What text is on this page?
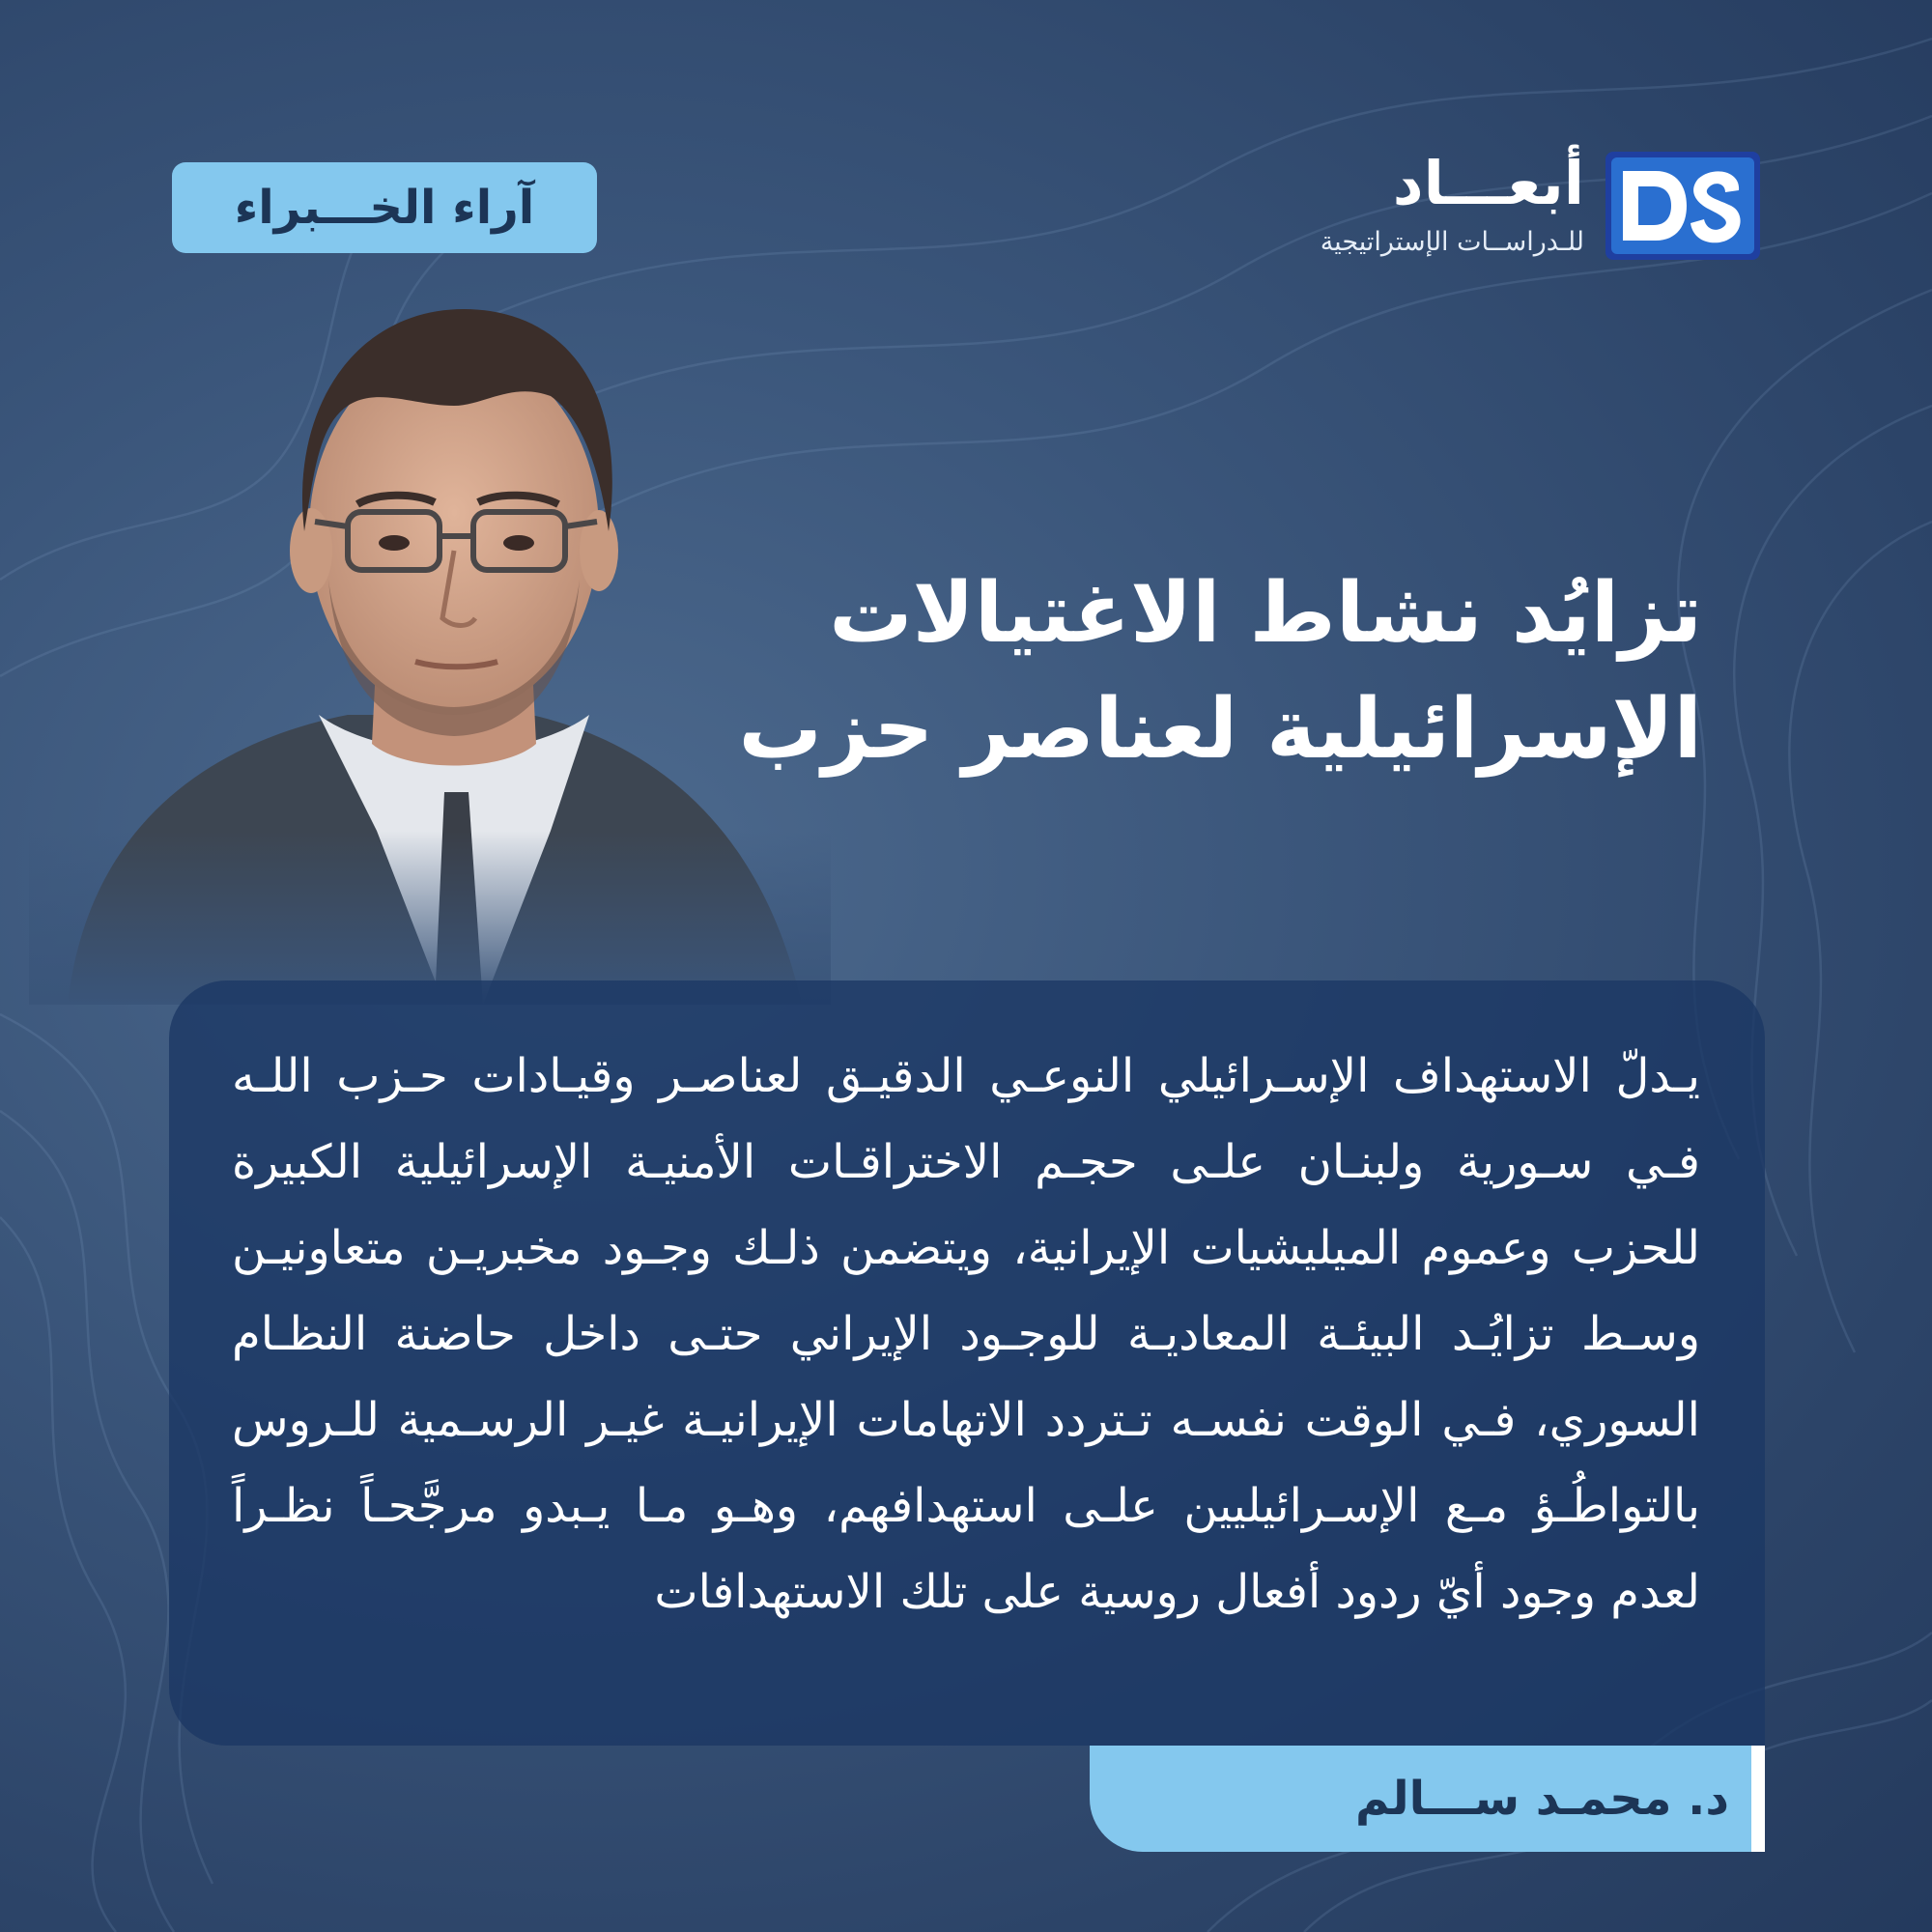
أبعـــاد
للـدراســات الإستراتيجية
آراء الخـــبراء
تزايُد نشاط الاغتيالات
الإسرائيلية لعناصر حزب
يـدلّ الاستهداف الإسـرائيلي النوعـي الدقيـق لعناصـر وقيـادات حـزب اللـه فـي سـورية ولبنـان علـى حجـم الاختراقـات الأمنيـة الإسرائيلية الكبيرة للحزب وعموم الميليشيات الإيرانية، ويتضمن ذلـك وجـود مخبريـن متعاونيـن وسـط تزايُـد البيئـة المعاديـة للوجـود الإيراني حتـى داخل حاضنة النظـام السوري، فـي الوقت نفسـه تـتردد الاتهامات الإيرانيـة غيـر الرسـمية للـروس بالتواطُـؤ مـع الإسـرائيليين علـى استهدافهم، وهـو مـا يـبدو مرجَّحـاً نظـراً لعدم وجود أيّ ردود أفعال روسية على تلك الاستهدافات
د. محمـد ســـالم
